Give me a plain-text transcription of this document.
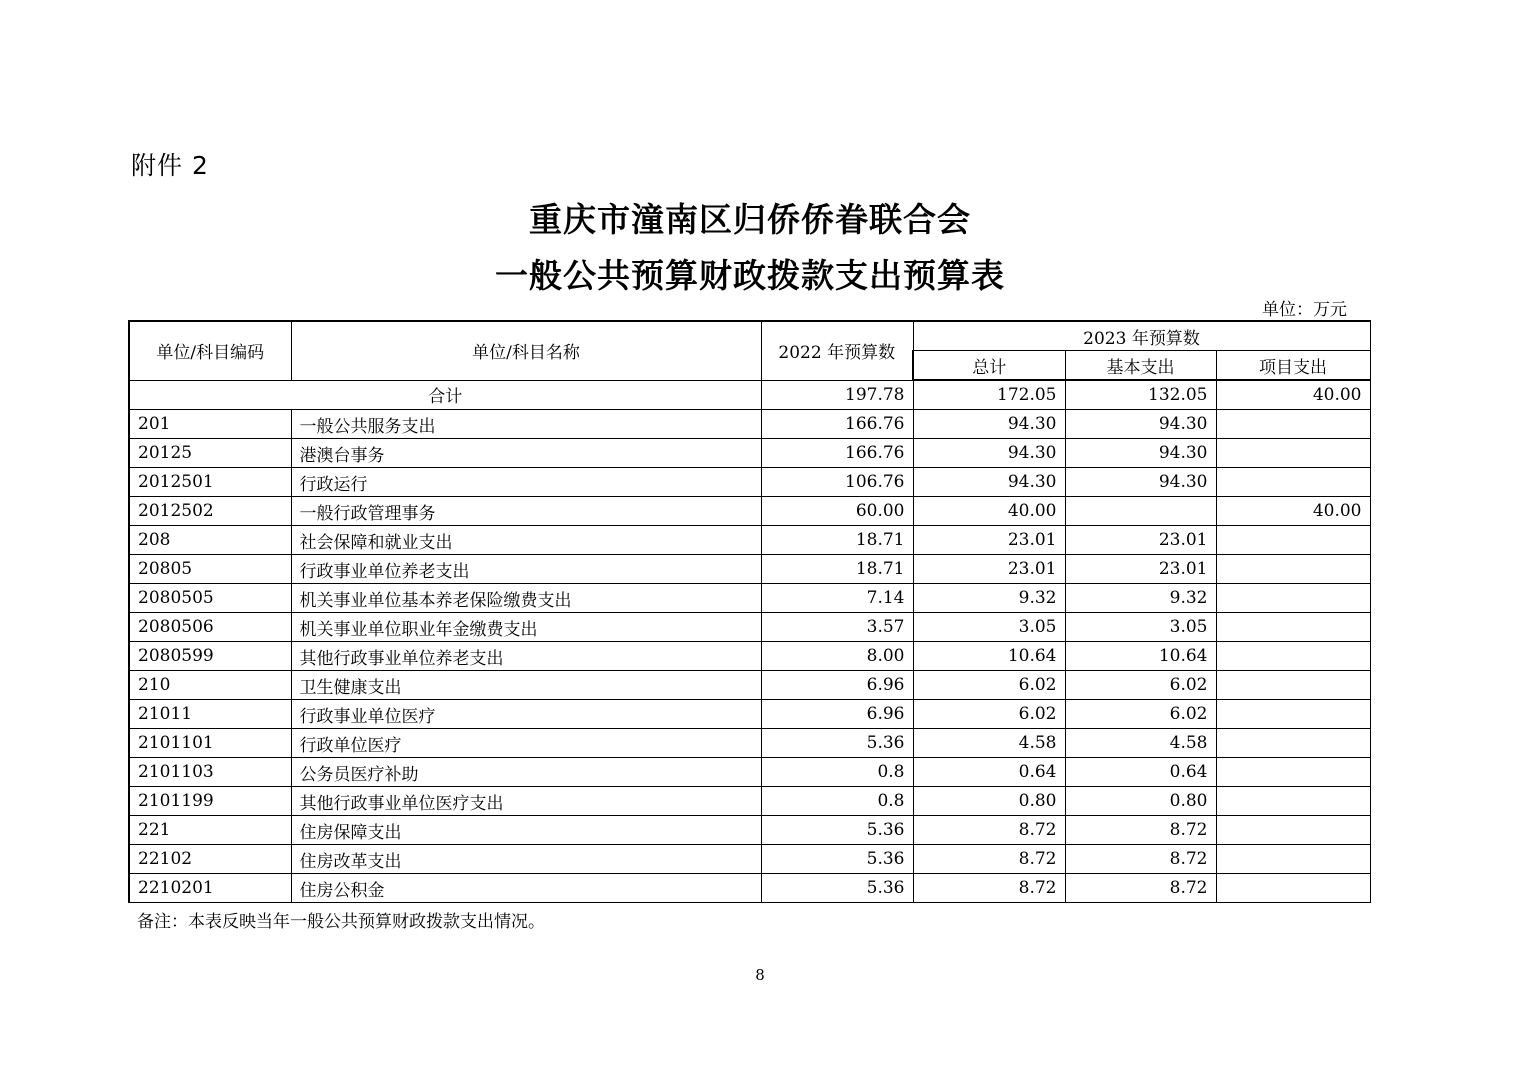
附件 2
重庆市潼南区归侨侨眷联合会
一般公共预算财政拨款支出预算表
单位：万元
单位/科目编码	单位/科目名称	2022 年预算数	2023 年预算数		
			总计	基本支出	项目支出
合计		197.78	172.05	132.05	40.00
201	一般公共服务支出	166.76	94.30	94.30	
20125	港澳台事务	166.76	94.30	94.30	
2012501	行政运行	106.76	94.30	94.30	
2012502	一般行政管理事务	60.00	40.00		40.00
208	社会保障和就业支出	18.71	23.01	23.01	
20805	行政事业单位养老支出	18.71	23.01	23.01	
2080505	机关事业单位基本养老保险缴费支出	7.14	9.32	9.32	
2080506	机关事业单位职业年金缴费支出	3.57	3.05	3.05	
2080599	其他行政事业单位养老支出	8.00	10.64	10.64	
210	卫生健康支出	6.96	6.02	6.02	
21011	行政事业单位医疗	6.96	6.02	6.02	
2101101	行政单位医疗	5.36	4.58	4.58	
2101103	公务员医疗补助	0.8	0.64	0.64	
2101199	其他行政事业单位医疗支出	0.8	0.80	0.80	
221	住房保障支出	5.36	8.72	8.72	
22102	住房改革支出	5.36	8.72	8.72	
2210201	住房公积金	5.36	8.72	8.72	
备注：本表反映当年一般公共预算财政拨款支出情况。
8
